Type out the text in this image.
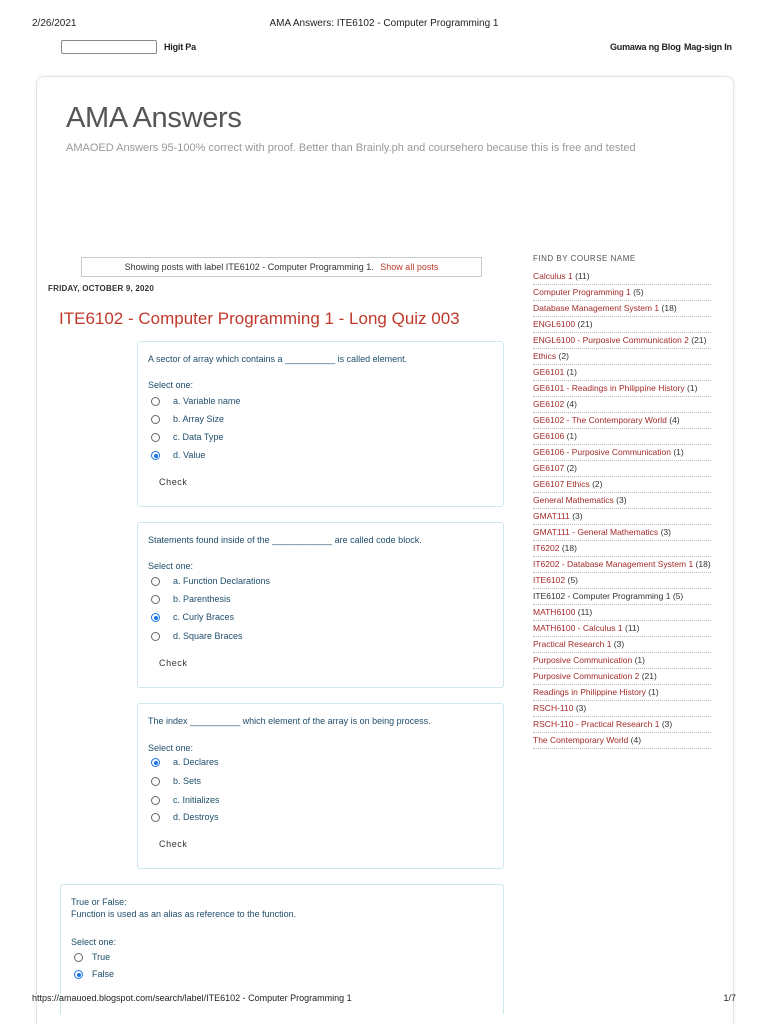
2/26/2021	AMA Answers: ITE6102 - Computer Programming 1
Higit Pa	Gumawa ng Blog Mag-sign In
AMA Answers
AMAOED Answers 95-100% correct with proof. Better than Brainly.ph and coursehero because this is free and tested
Showing posts with label ITE6102 - Computer Programming 1. Show all posts
FRIDAY, OCTOBER 9, 2020
ITE6102 - Computer Programming 1 - Long Quiz 003
A sector of array which contains a __________ is called element.
Select one:
a. Variable name
b. Array Size
c. Data Type
d. Value
Check
Statements found inside of the ____________ are called code block.
Select one:
a. Function Declarations
b. Parenthesis
c. Curly Braces
d. Square Braces
Check
The index __________ which element of the array is on being process.
Select one:
a. Declares
b. Sets
c. Initializes
d. Destroys
Check
True or False:
Function is used as an alias as reference to the function.
Select one:
True
False
FIND BY COURSE NAME
Calculus 1 (11)
Computer Programming 1 (5)
Database Management System 1 (18)
ENGL6100 (21)
ENGL6100 - Purposive Communication 2 (21)
Ethics (2)
GE6101 (1)
GE6101 - Readings in Philippine History (1)
GE6102 (4)
GE6102 - The Contemporary World (4)
GE6106 (1)
GE6106 - Purposive Communication (1)
GE6107 (2)
GE6107 Ethics (2)
General Mathematics (3)
GMAT111 (3)
GMAT111 - General Mathematics (3)
IT6202 (18)
IT6202 - Database Management System 1 (18)
ITE6102 (5)
ITE6102 - Computer Programming 1 (5)
MATH6100 (11)
MATH6100 - Calculus 1 (11)
Practical Research 1 (3)
Purposive Communication (1)
Purposive Communication 2 (21)
Readings in Philippine History (1)
RSCH-110 (3)
RSCH-110 - Practical Research 1 (3)
The Contemporary World (4)
https://amauoed.blogspot.com/search/label/ITE6102 - Computer Programming 1	1/7
